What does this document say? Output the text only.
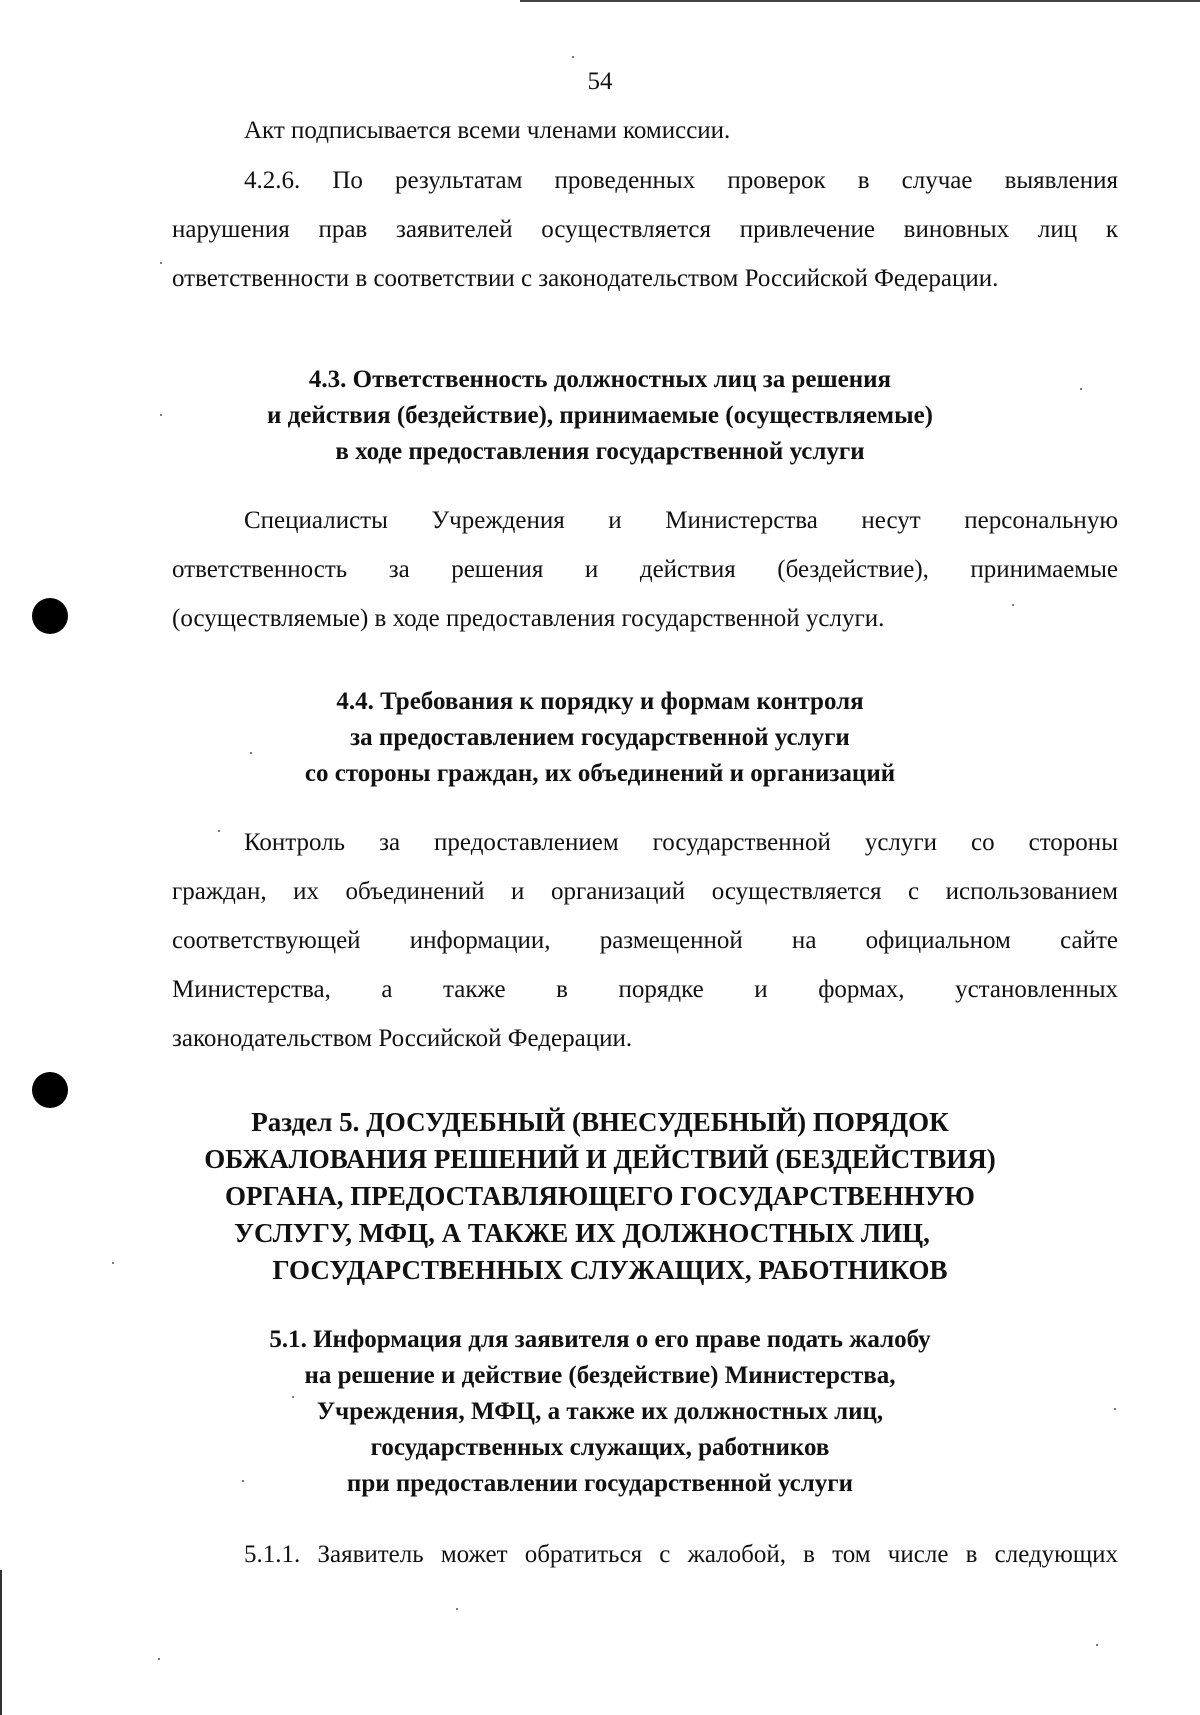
54
Акт подписывается всеми членами комиссии.
4.2.6. По результатам проведенных проверок в случае выявления
нарушения прав заявителей осуществляется привлечение виновных лиц к
ответственности в соответствии с законодательством Российской Федерации.
4.3. Ответственность должностных лиц за решения
и действия (бездействие), принимаемые (осуществляемые)
в ходе предоставления государственной услуги
Специалисты Учреждения и Министерства несут персональную
ответственность за решения и действия (бездействие), принимаемые
(осуществляемые) в ходе предоставления государственной услуги.
4.4. Требования к порядку и формам контроля
за предоставлением государственной услуги
со стороны граждан, их объединений и организаций
Контроль за предоставлением государственной услуги со стороны
граждан, их объединений и организаций осуществляется с использованием
соответствующей информации, размещенной на официальном сайте
Министерства, а также в порядке и формах, установленных
законодательством Российской Федерации.
Раздел 5. ДОСУДЕБНЫЙ (ВНЕСУДЕБНЫЙ) ПОРЯДОК
ОБЖАЛОВАНИЯ РЕШЕНИЙ И ДЕЙСТВИЙ (БЕЗДЕЙСТВИЯ)
ОРГАНА, ПРЕДОСТАВЛЯЮЩЕГО ГОСУДАРСТВЕННУЮ
УСЛУГУ, МФЦ, А ТАКЖЕ ИХ ДОЛЖНОСТНЫХ ЛИЦ,
ГОСУДАРСТВЕННЫХ СЛУЖАЩИХ, РАБОТНИКОВ
5.1. Информация для заявителя о его праве подать жалобу
на решение и действие (бездействие) Министерства,
Учреждения, МФЦ, а также их должностных лиц,
государственных служащих, работников
при предоставлении государственной услуги
5.1.1. Заявитель может обратиться с жалобой, в том числе в следующих
